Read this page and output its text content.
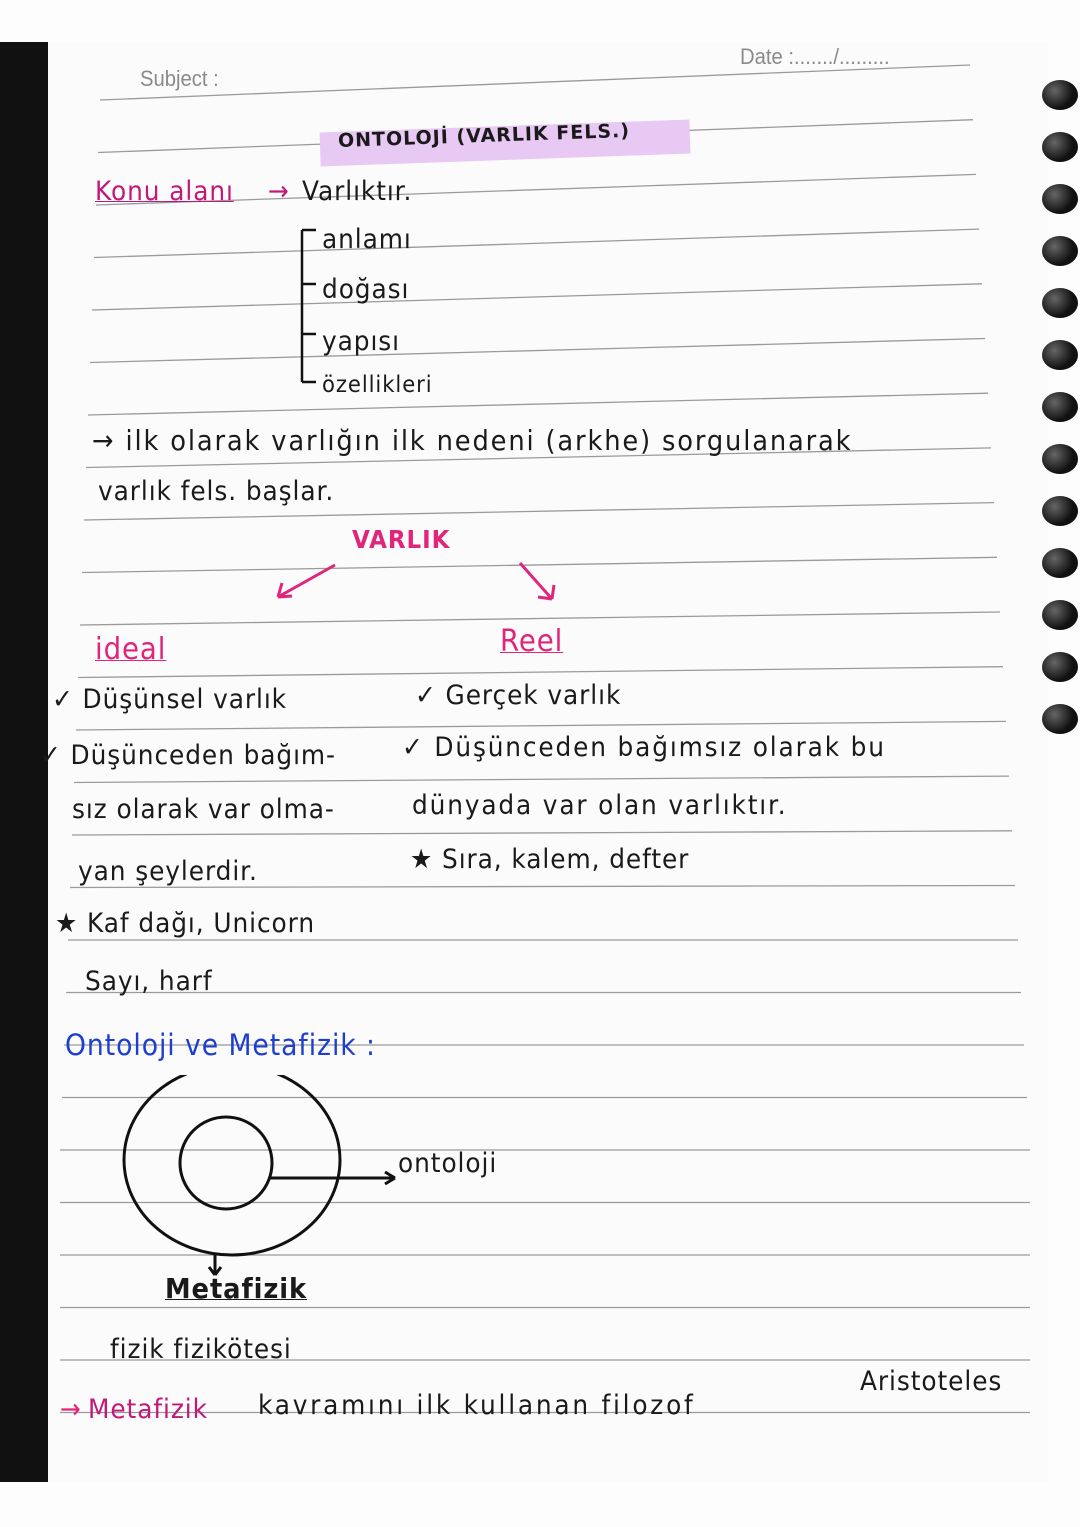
Subject :
Date :......./.........
ONTOLOJİ (VARLIK FELS.)
Konu alanı → Varlıktır.
anlamı
doğası
yapısı
özellikleri
→ ilk olarak varlığın ilk nedeni (arkhe) sorgulanarak
varlık fels. başlar.
VARLIK
ideal	Reel
✓ Düşünsel varlık
✓ Düşünceden bağım-
sız olarak var olma-
yan şeylerdir.
★ Kaf dağı, Unicorn
Sayı, harf
✓ Gerçek varlık
✓ Düşünceden bağımsız olarak bu
dünyada var olan varlıktır.
★ Sıra, kalem, defter
Ontoloji ve Metafizik :
ontoloji
Metafizik
fizik fizikötesi
→ Metafizik kavramını ilk kullanan filozof
Aristoteles
